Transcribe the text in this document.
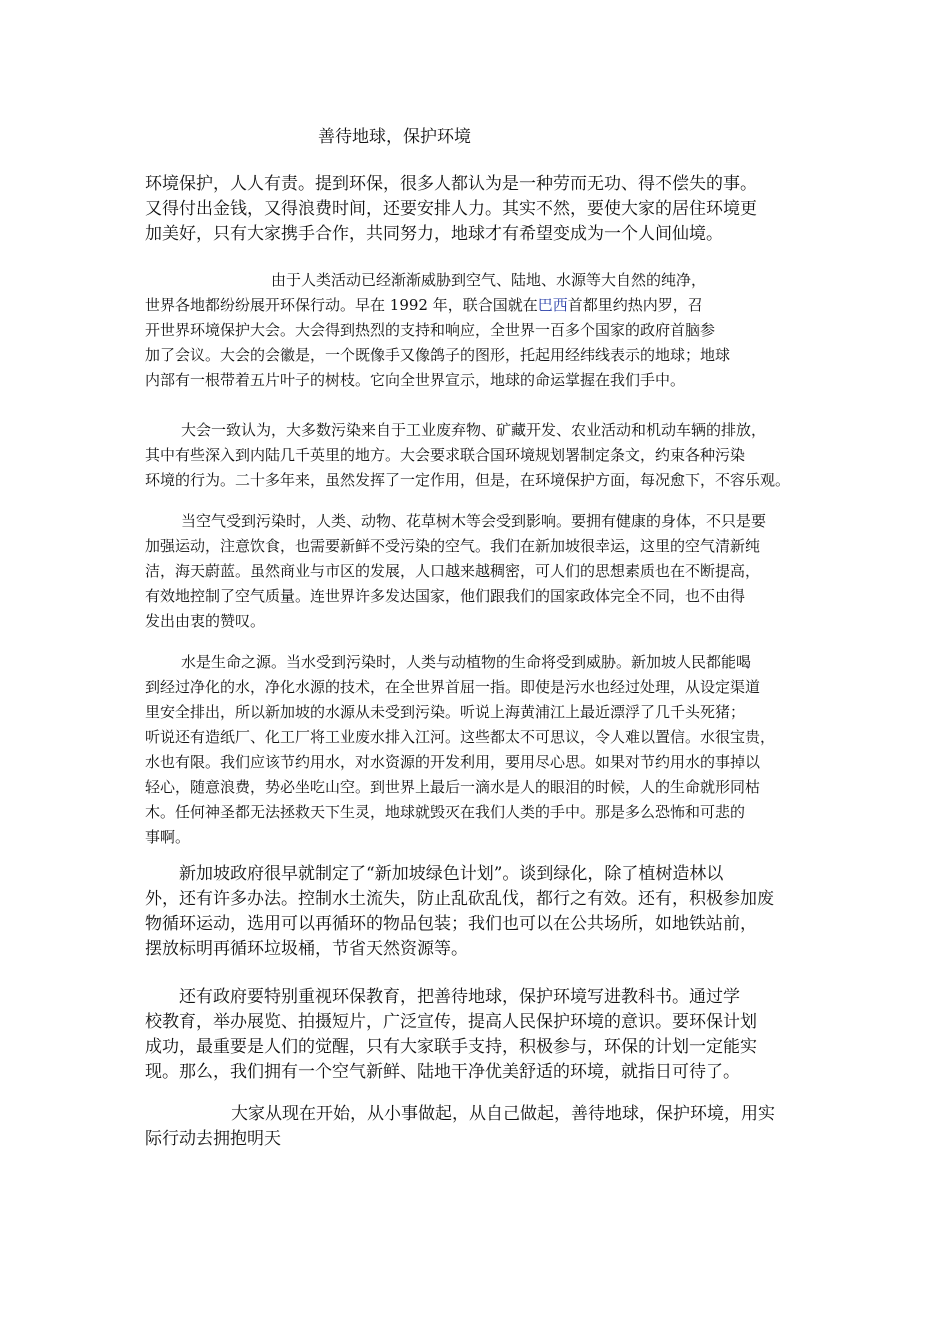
善待地球，保护环境

环境保护，人人有责。提到环保，很多人都认为是一种劳而无功、得不偿失的事。
又得付出金钱，又得浪费时间，还要安排人力。其实不然，要使大家的居住环境更
加美好，只有大家携手合作，共同努力，地球才有希望变成为一个人间仙境。

由于人类活动已经渐渐威胁到空气、陆地、水源等大自然的纯净，
世界各地都纷纷展开环保行动。早在 1992 年，联合国就在巴西首都里约热内罗，召
开世界环境保护大会。大会得到热烈的支持和响应，全世界一百多个国家的政府首脑参
加了会议。大会的会徽是，一个既像手又像鸽子的图形，托起用经纬线表示的地球；地球
内部有一根带着五片叶子的树枝。它向全世界宣示，地球的命运掌握在我们手中。

大会一致认为，大多数污染来自于工业废弃物、矿藏开发、农业活动和机动车辆的排放，
其中有些深入到内陆几千英里的地方。大会要求联合国环境规划署制定条文，约束各种污染
环境的行为。二十多年来，虽然发挥了一定作用，但是，在环境保护方面，每况愈下，不容乐观。

当空气受到污染时，人类、动物、花草树木等会受到影响。要拥有健康的身体，不只是要
加强运动，注意饮食，也需要新鲜不受污染的空气。我们在新加坡很幸运，这里的空气清新纯
洁，海天蔚蓝。虽然商业与市区的发展，人口越来越稠密，可人们的思想素质也在不断提高，
有效地控制了空气质量。连世界许多发达国家，他们跟我们的国家政体完全不同，也不由得
发出由衷的赞叹。

水是生命之源。当水受到污染时，人类与动植物的生命将受到威胁。新加坡人民都能喝
到经过净化的水，净化水源的技术，在全世界首屈一指。即使是污水也经过处理，从设定渠道
里安全排出，所以新加坡的水源从未受到污染。听说上海黄浦江上最近漂浮了几千头死猪；
听说还有造纸厂、化工厂将工业废水排入江河。这些都太不可思议，令人难以置信。水很宝贵，
水也有限。我们应该节约用水，对水资源的开发利用，要用尽心思。如果对节约用水的事掉以
轻心，随意浪费，势必坐吃山空。到世界上最后一滴水是人的眼泪的时候，人的生命就形同枯
木。任何神圣都无法拯救天下生灵，地球就毁灭在我们人类的手中。那是多么恐怖和可悲的
事啊。

新加坡政府很早就制定了“新加坡绿色计划”。谈到绿化，除了植树造林以
外，还有许多办法。控制水土流失，防止乱砍乱伐，都行之有效。还有，积极参加废
物循环运动，选用可以再循环的物品包装；我们也可以在公共场所，如地铁站前，
摆放标明再循环垃圾桶，节省天然资源等。

还有政府要特别重视环保教育，把善待地球，保护环境写进教科书。通过学
校教育，举办展览、拍摄短片，广泛宣传，提高人民保护环境的意识。要环保计划
成功，最重要是人们的觉醒，只有大家联手支持，积极参与，环保的计划一定能实
现。那么，我们拥有一个空气新鲜、陆地干净优美舒适的环境，就指日可待了。

大家从现在开始，从小事做起，从自己做起，善待地球，保护环境，用实
际行动去拥抱明天
